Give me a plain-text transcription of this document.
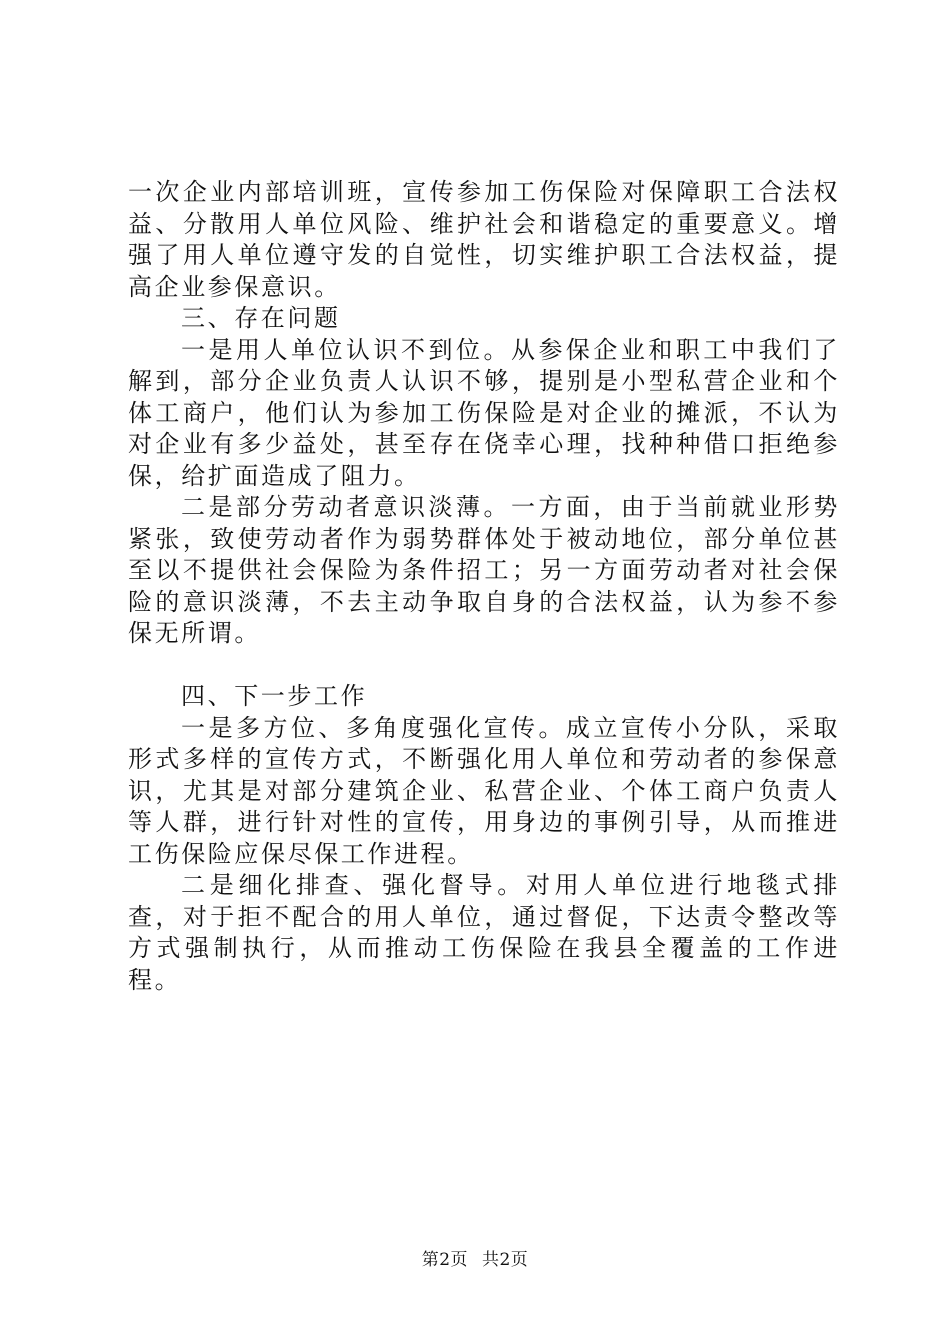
一次企业内部培训班，宣传参加工伤保险对保障职工合法权益、分散用人单位风险、维护社会和谐稳定的重要意义。增强了用人单位遵守发的自觉性，切实维护职工合法权益，提高企业参保意识。

三、存在问题

一是用人单位认识不到位。从参保企业和职工中我们了解到，部分企业负责人认识不够，提别是小型私营企业和个体工商户，他们认为参加工伤保险是对企业的摊派，不认为对企业有多少益处，甚至存在侥幸心理，找种种借口拒绝参保，给扩面造成了阻力。

二是部分劳动者意识淡薄。一方面，由于当前就业形势紧张，致使劳动者作为弱势群体处于被动地位，部分单位甚至以不提供社会保险为条件招工；另一方面劳动者对社会保险的意识淡薄，不去主动争取自身的合法权益，认为参不参保无所谓。

四、下一步工作

一是多方位、多角度强化宣传。成立宣传小分队，采取形式多样的宣传方式，不断强化用人单位和劳动者的参保意识，尤其是对部分建筑企业、私营企业、个体工商户负责人等人群，进行针对性的宣传，用身边的事例引导，从而推进工伤保险应保尽保工作进程。

二是细化排查、强化督导。对用人单位进行地毯式排查，对于拒不配合的用人单位，通过督促，下达责令整改等方式强制执行，从而推动工伤保险在我县全覆盖的工作进程。

第2页 共2页
